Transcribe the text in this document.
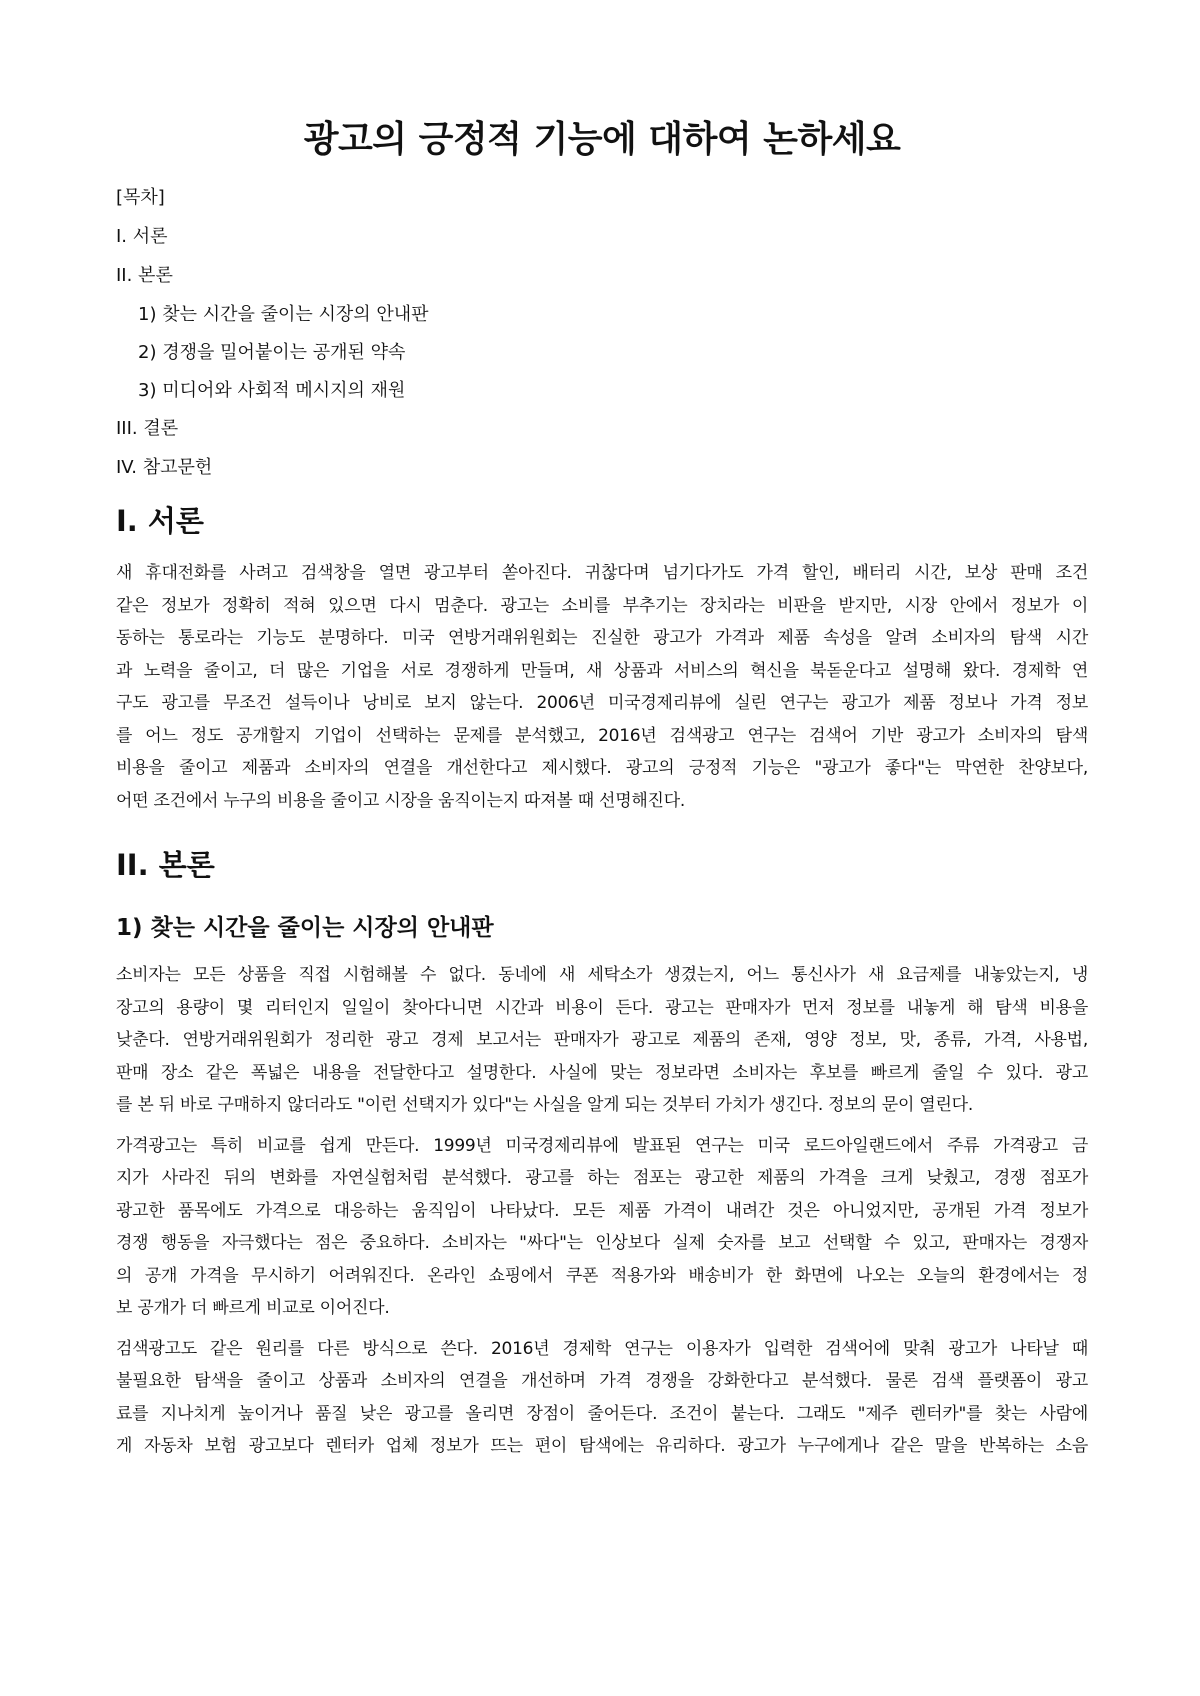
광고의 긍정적 기능에 대하여 논하세요
[목차]
I. 서론
II. 본론
1) 찾는 시간을 줄이는 시장의 안내판
2) 경쟁을 밀어붙이는 공개된 약속
3) 미디어와 사회적 메시지의 재원
III. 결론
IV. 참고문헌
I. 서론
새 휴대전화를 사려고 검색창을 열면 광고부터 쏟아진다. 귀찮다며 넘기다가도 가격 할인, 배터리 시간, 보상 판매 조건
같은 정보가 정확히 적혀 있으면 다시 멈춘다. 광고는 소비를 부추기는 장치라는 비판을 받지만, 시장 안에서 정보가 이
동하는 통로라는 기능도 분명하다. 미국 연방거래위원회는 진실한 광고가 가격과 제품 속성을 알려 소비자의 탐색 시간
과 노력을 줄이고, 더 많은 기업을 서로 경쟁하게 만들며, 새 상품과 서비스의 혁신을 북돋운다고 설명해 왔다. 경제학 연
구도 광고를 무조건 설득이나 낭비로 보지 않는다. 2006년 미국경제리뷰에 실린 연구는 광고가 제품 정보나 가격 정보
를 어느 정도 공개할지 기업이 선택하는 문제를 분석했고, 2016년 검색광고 연구는 검색어 기반 광고가 소비자의 탐색
비용을 줄이고 제품과 소비자의 연결을 개선한다고 제시했다. 광고의 긍정적 기능은 "광고가 좋다"는 막연한 찬양보다,
어떤 조건에서 누구의 비용을 줄이고 시장을 움직이는지 따져볼 때 선명해진다.
II. 본론
1) 찾는 시간을 줄이는 시장의 안내판
소비자는 모든 상품을 직접 시험해볼 수 없다. 동네에 새 세탁소가 생겼는지, 어느 통신사가 새 요금제를 내놓았는지, 냉
장고의 용량이 몇 리터인지 일일이 찾아다니면 시간과 비용이 든다. 광고는 판매자가 먼저 정보를 내놓게 해 탐색 비용을
낮춘다. 연방거래위원회가 정리한 광고 경제 보고서는 판매자가 광고로 제품의 존재, 영양 정보, 맛, 종류, 가격, 사용법,
판매 장소 같은 폭넓은 내용을 전달한다고 설명한다. 사실에 맞는 정보라면 소비자는 후보를 빠르게 줄일 수 있다. 광고
를 본 뒤 바로 구매하지 않더라도 "이런 선택지가 있다"는 사실을 알게 되는 것부터 가치가 생긴다. 정보의 문이 열린다.
가격광고는 특히 비교를 쉽게 만든다. 1999년 미국경제리뷰에 발표된 연구는 미국 로드아일랜드에서 주류 가격광고 금
지가 사라진 뒤의 변화를 자연실험처럼 분석했다. 광고를 하는 점포는 광고한 제품의 가격을 크게 낮췄고, 경쟁 점포가
광고한 품목에도 가격으로 대응하는 움직임이 나타났다. 모든 제품 가격이 내려간 것은 아니었지만, 공개된 가격 정보가
경쟁 행동을 자극했다는 점은 중요하다. 소비자는 "싸다"는 인상보다 실제 숫자를 보고 선택할 수 있고, 판매자는 경쟁자
의 공개 가격을 무시하기 어려워진다. 온라인 쇼핑에서 쿠폰 적용가와 배송비가 한 화면에 나오는 오늘의 환경에서는 정
보 공개가 더 빠르게 비교로 이어진다.
검색광고도 같은 원리를 다른 방식으로 쓴다. 2016년 경제학 연구는 이용자가 입력한 검색어에 맞춰 광고가 나타날 때
불필요한 탐색을 줄이고 상품과 소비자의 연결을 개선하며 가격 경쟁을 강화한다고 분석했다. 물론 검색 플랫폼이 광고
료를 지나치게 높이거나 품질 낮은 광고를 올리면 장점이 줄어든다. 조건이 붙는다. 그래도 "제주 렌터카"를 찾는 사람에
게 자동차 보험 광고보다 렌터카 업체 정보가 뜨는 편이 탐색에는 유리하다. 광고가 누구에게나 같은 말을 반복하는 소음
